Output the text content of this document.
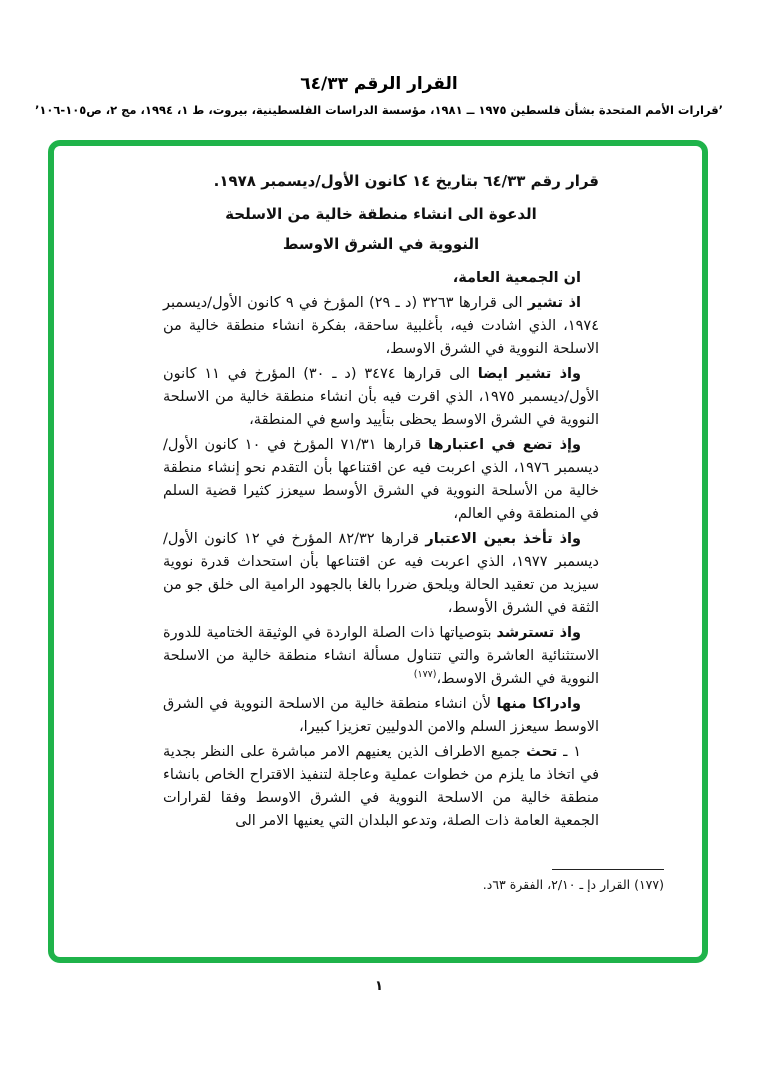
القرار الرقم ٦٤/٣٣
’قرارات الأمم المتحدة بشأن فلسطين ١٩٧٥ ــ ١٩٨١، مؤسسة الدراسات الفلسطينية، بيروت، ط ١، ١٩٩٤، مج ٢، ص١٠٥-١٠٦’
قرار رقم ٦٤/٣٣ بتاريخ ١٤ كانون الأول/ديسمبر ١٩٧٨.
الدعوة الى انشاء منطقة خالية من الاسلحة
النووية في الشرق الاوسط

ان الجمعية العامة،

اذ تشير الى قرارها ٣٢٦٣ (د ـ ٢٩) المؤرخ في ٩ كانون الأول/ديسمبر ١٩٧٤، الذي اشادت فيه، بأغلبية ساحقة، بفكرة انشاء منطقة خالية من الاسلحة النووية في الشرق الاوسط،

واذ تشير ايضا الى قرارها ٣٤٧٤ (د ـ ٣٠) المؤرخ في ١١ كانون الأول/ديسمبر ١٩٧٥، الذي اقرت فيه بأن انشاء منطقة خالية من الاسلحة النووية في الشرق الاوسط يحظى بتأييد واسع في المنطقة،

وإذ تضع في اعتبارها قرارها ٧١/٣١ المؤرخ في ١٠ كانون الأول/ديسمبر ١٩٧٦، الذي اعربت فيه عن اقتناعها بأن التقدم نحو إنشاء منطقة خالية من الأسلحة النووية في الشرق الأوسط سيعزز كثيرا قضية السلم في المنطقة وفي العالم،

واذ تأخذ بعين الاعتبار قرارها ٨٢/٣٢ المؤرخ في ١٢ كانون الأول/ديسمبر ١٩٧٧، الذي اعربت فيه عن اقتناعها بأن استحداث قدرة نووية سيزيد من تعقيد الحالة ويلحق ضررا بالغا بالجهود الرامية الى خلق جو من الثقة في الشرق الأوسط،

واذ تسترشد بتوصياتها ذات الصلة الواردة في الوثيقة الختامية للدورة الاستثنائية العاشرة والتي تتناول مسألة انشاء منطقة خالية من الاسلحة النووية في الشرق الاوسط،$^{(١٧٧)}$

وادراكا منها لأن انشاء منطقة خالية من الاسلحة النووية في الشرق الاوسط سيعزز السلم والامن الدوليين تعزيزا كبيرا،

١ ـ تحث جميع الاطراف الذين يعنيهم الامر مباشرة على النظر بجدية في اتخاذ ما يلزم من خطوات عملية وعاجلة لتنفيذ الاقتراح الخاص بانشاء منطقة خالية من الاسلحة النووية في الشرق الاوسط وفقا لقرارات الجمعية العامة ذات الصلة، وتدعو البلدان التي يعنيها الامر الى

(١٧٧) القرار دإ ـ ٢/١٠، الفقرة ٦٣د.
١
